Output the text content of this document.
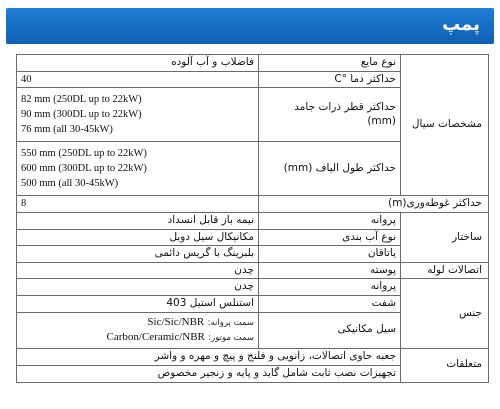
پمپ
مشخصات سیال	نوع مایع	فاضلاب و آب آلوده
	حداکثر دما °C	40
	حداکثر قطر ذرات جامد (mm)	82 mm (250DL up to 22kW)
90 mm (300DL up to 22kW)
76 mm (all 30-45kW)

	حداکثر طول الیاف (mm)	550 mm (250DL up to 22kW)
600 mm (300DL up to 22kW)
500 mm (all 30-45kW)

حداکثر غوطه‌وری(m)		8
ساختار	پروانه	نیمه باز قابل انسداد
	نوع آب بندی	مکانیکال سیل دوبل
	یاتاقان	بلبرینگ با گریس دائمی
اتصالات لوله	پوسته	چدن
جنس	پروانه	چدن
	شفت	استنلس استیل 403
	سیل مکانیکی	سمت پروانه: Sic/Sic/NBR
سمت موتور: Carbon/Ceramic/NBR

متعلقات	جعبه حاوی اتصالات، زانویی و فلنج و پیچ و مهره و واشر	
	تجهیزات نصب ثابت شامل گاید و پایه و زنجیر مخصوص	
